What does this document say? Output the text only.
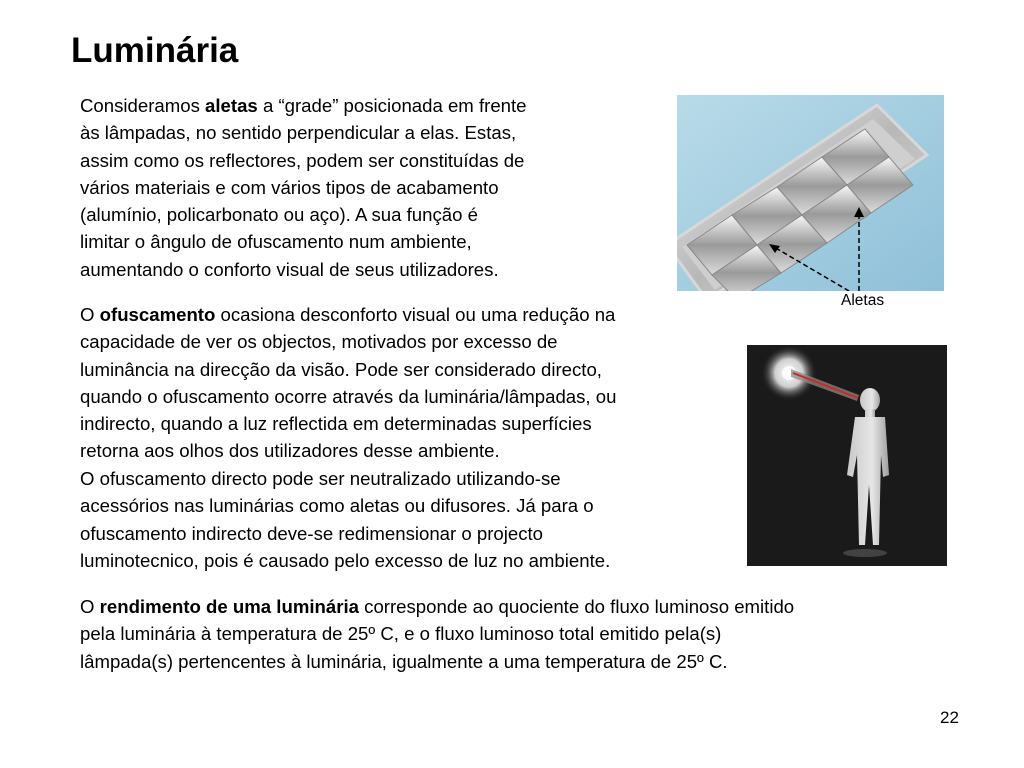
Luminária
Consideramos aletas a “grade” posicionada em frente
às lâmpadas, no sentido perpendicular a elas. Estas,
assim como os reflectores, podem ser constituídas de
vários materiais e com vários tipos de acabamento
(alumínio, policarbonato ou aço). A sua função é
limitar o ângulo de ofuscamento num ambiente,
aumentando o conforto visual de seus utilizadores.
O ofuscamento ocasiona desconforto visual ou uma redução na
capacidade de ver os objectos, motivados por excesso de
luminância na direcção da visão. Pode ser considerado directo,
quando o ofuscamento ocorre através da luminária/lâmpadas, ou
indirecto, quando a luz reflectida em determinadas superfícies
retorna aos olhos dos utilizadores desse ambiente.
O ofuscamento directo pode ser neutralizado utilizando-se
acessórios nas luminárias como aletas ou difusores. Já para o
ofuscamento indirecto deve-se redimensionar o projecto
luminotecnico, pois é causado pelo excesso de luz no ambiente.
O rendimento de uma luminária corresponde ao quociente do fluxo luminoso emitido
pela luminária à temperatura de 25º C, e o fluxo luminoso total emitido pela(s)
lâmpada(s) pertencentes à luminária, igualmente a uma temperatura de 25º C.
Aletas
22
